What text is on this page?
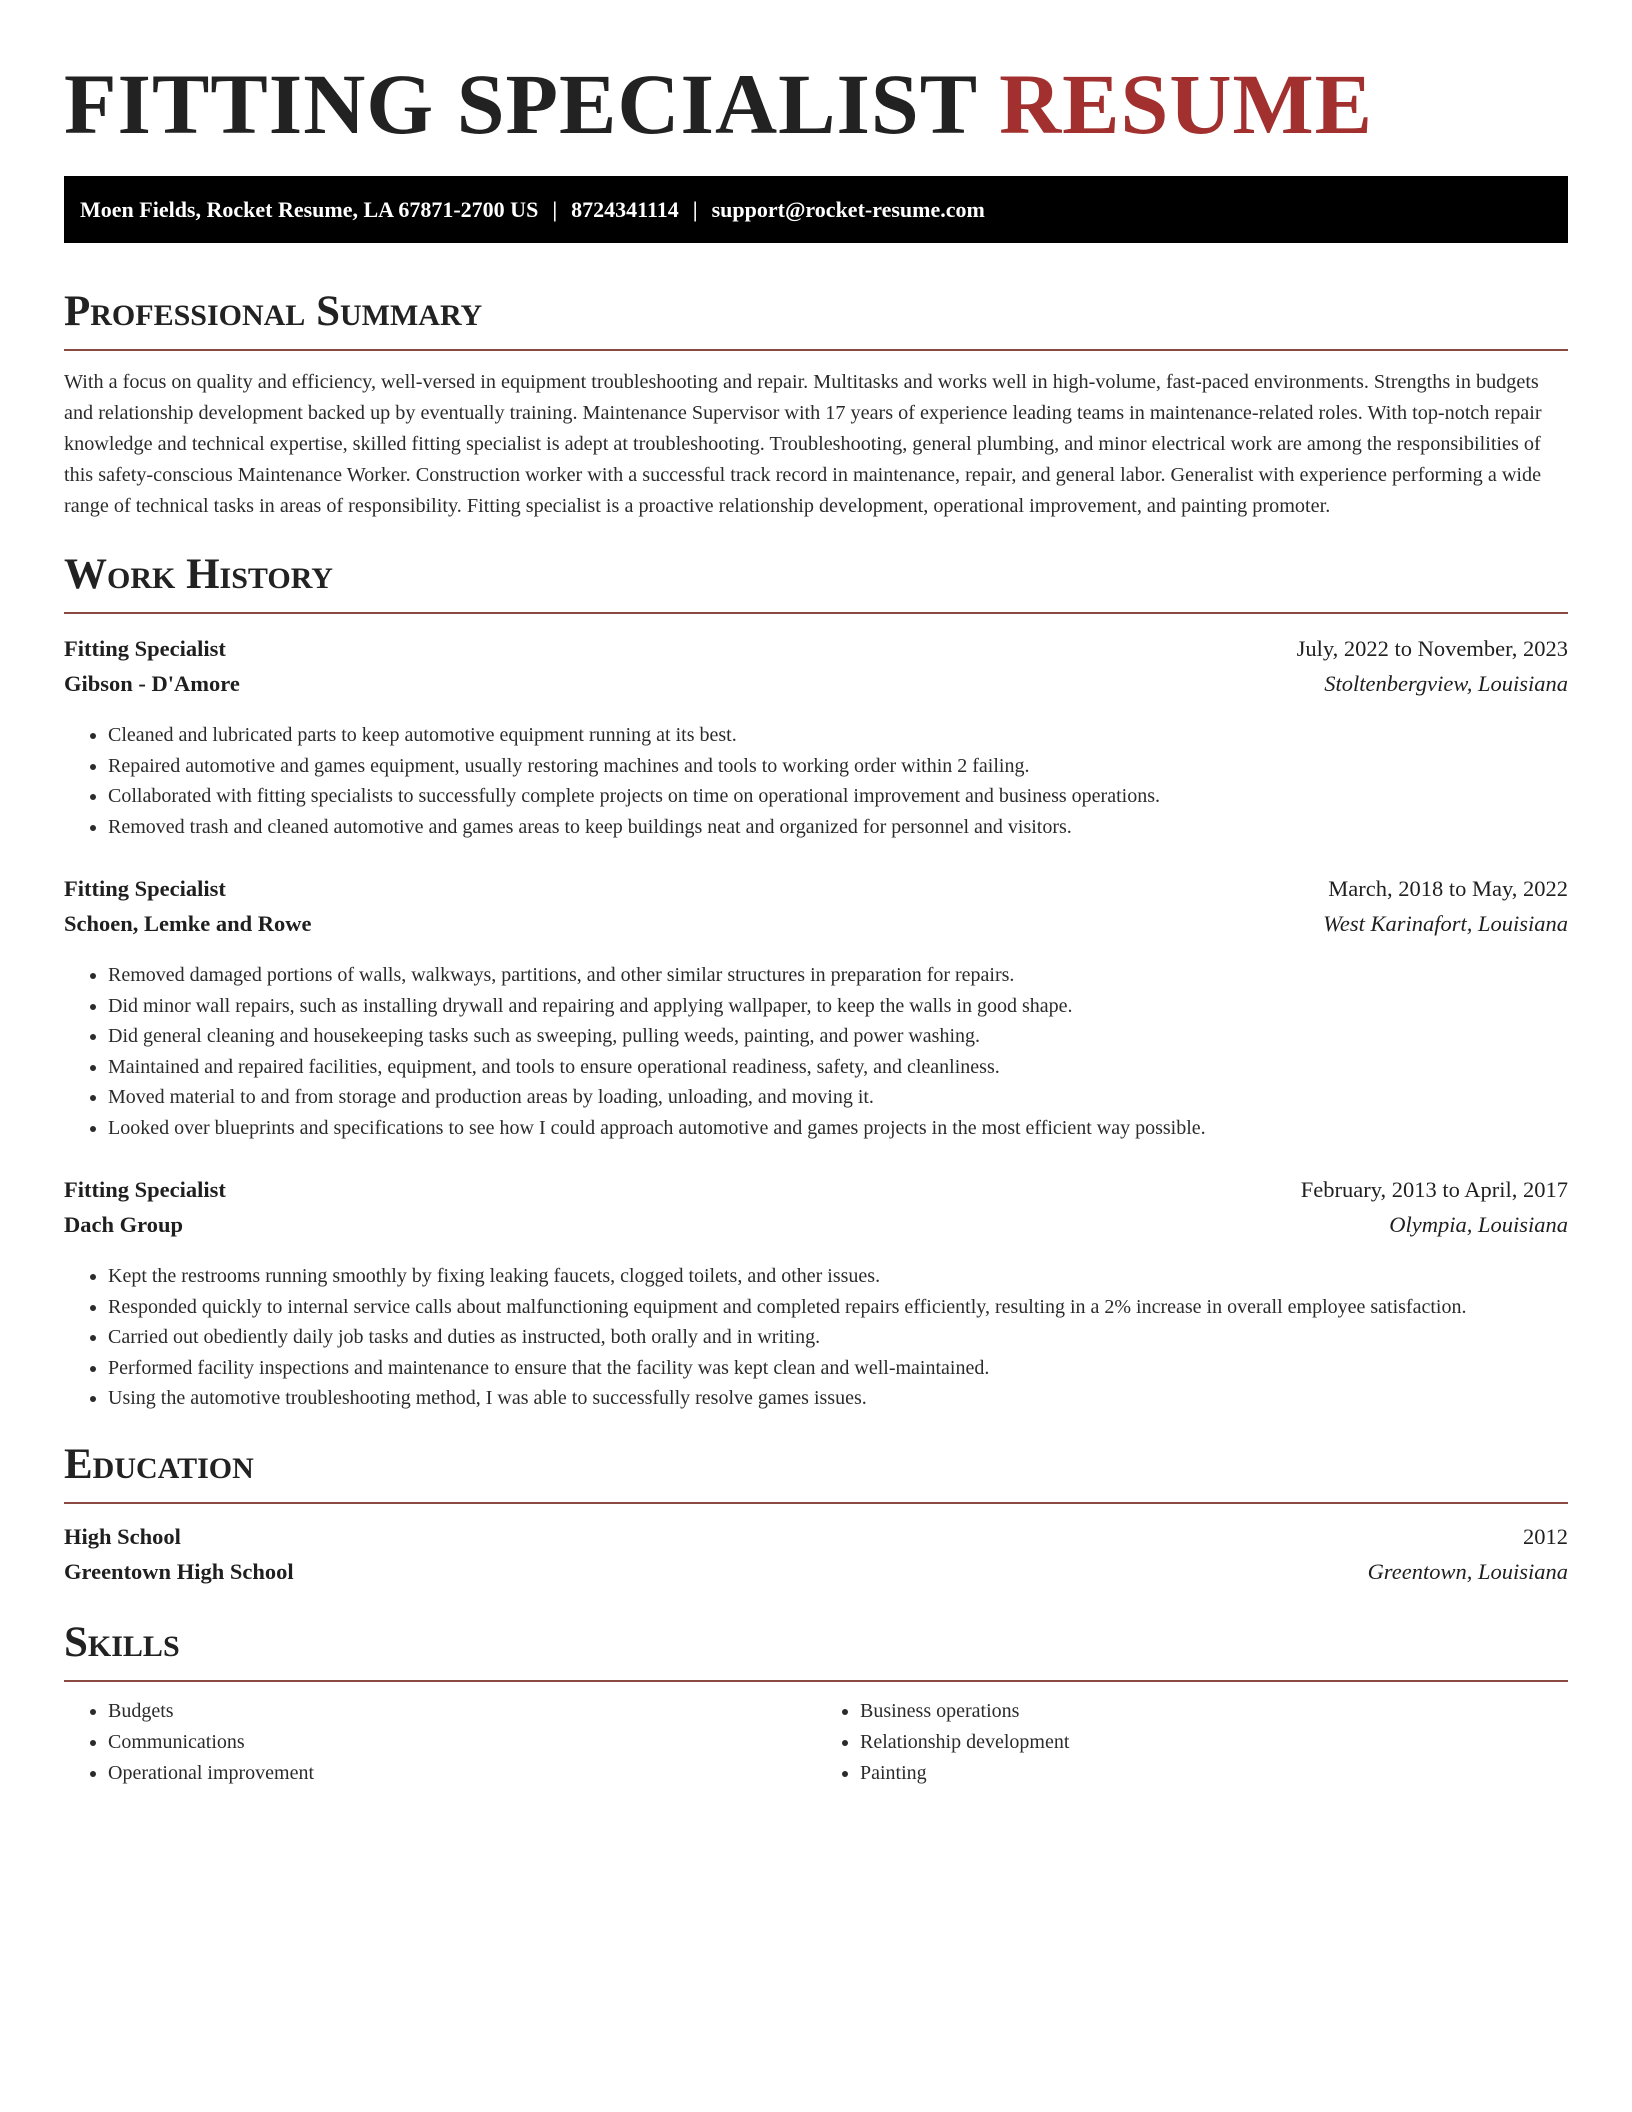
FITTING SPECIALIST RESUME
Moen Fields, Rocket Resume, LA 67871-2700 US | 8724341114 | support@rocket-resume.com
Professional Summary

With a focus on quality and efficiency, well-versed in equipment troubleshooting and repair. Multitasks and works well in high-volume, fast-paced environments. Strengths in budgets and relationship development backed up by eventually training. Maintenance Supervisor with 17 years of experience leading teams in maintenance-related roles. With top-notch repair knowledge and technical expertise, skilled fitting specialist is adept at troubleshooting. Troubleshooting, general plumbing, and minor electrical work are among the responsibilities of this safety-conscious Maintenance Worker. Construction worker with a successful track record in maintenance, repair, and general labor. Generalist with experience performing a wide range of technical tasks in areas of responsibility. Fitting specialist is a proactive relationship development, operational improvement, and painting promoter.

Work History
Fitting Specialist	July, 2022 to November, 2023
Gibson - D'Amore	Stoltenbergview, Louisiana
• Cleaned and lubricated parts to keep automotive equipment running at its best.
• Repaired automotive and games equipment, usually restoring machines and tools to working order within 2 failing.
• Collaborated with fitting specialists to successfully complete projects on time on operational improvement and business operations.
• Removed trash and cleaned automotive and games areas to keep buildings neat and organized for personnel and visitors.
Fitting Specialist	March, 2018 to May, 2022
Schoen, Lemke and Rowe	West Karinafort, Louisiana
• Removed damaged portions of walls, walkways, partitions, and other similar structures in preparation for repairs.
• Did minor wall repairs, such as installing drywall and repairing and applying wallpaper, to keep the walls in good shape.
• Did general cleaning and housekeeping tasks such as sweeping, pulling weeds, painting, and power washing.
• Maintained and repaired facilities, equipment, and tools to ensure operational readiness, safety, and cleanliness.
• Moved material to and from storage and production areas by loading, unloading, and moving it.
• Looked over blueprints and specifications to see how I could approach automotive and games projects in the most efficient way possible.
Fitting Specialist	February, 2013 to April, 2017
Dach Group	Olympia, Louisiana
• Kept the restrooms running smoothly by fixing leaking faucets, clogged toilets, and other issues.
• Responded quickly to internal service calls about malfunctioning equipment and completed repairs efficiently, resulting in a 2% increase in overall employee satisfaction.
• Carried out obediently daily job tasks and duties as instructed, both orally and in writing.
• Performed facility inspections and maintenance to ensure that the facility was kept clean and well-maintained.
• Using the automotive troubleshooting method, I was able to successfully resolve games issues.
Education
High School	2012
Greentown High School	Greentown, Louisiana
Skills
• Budgets
• Communications
• Operational improvement
• Business operations
• Relationship development
• Painting
